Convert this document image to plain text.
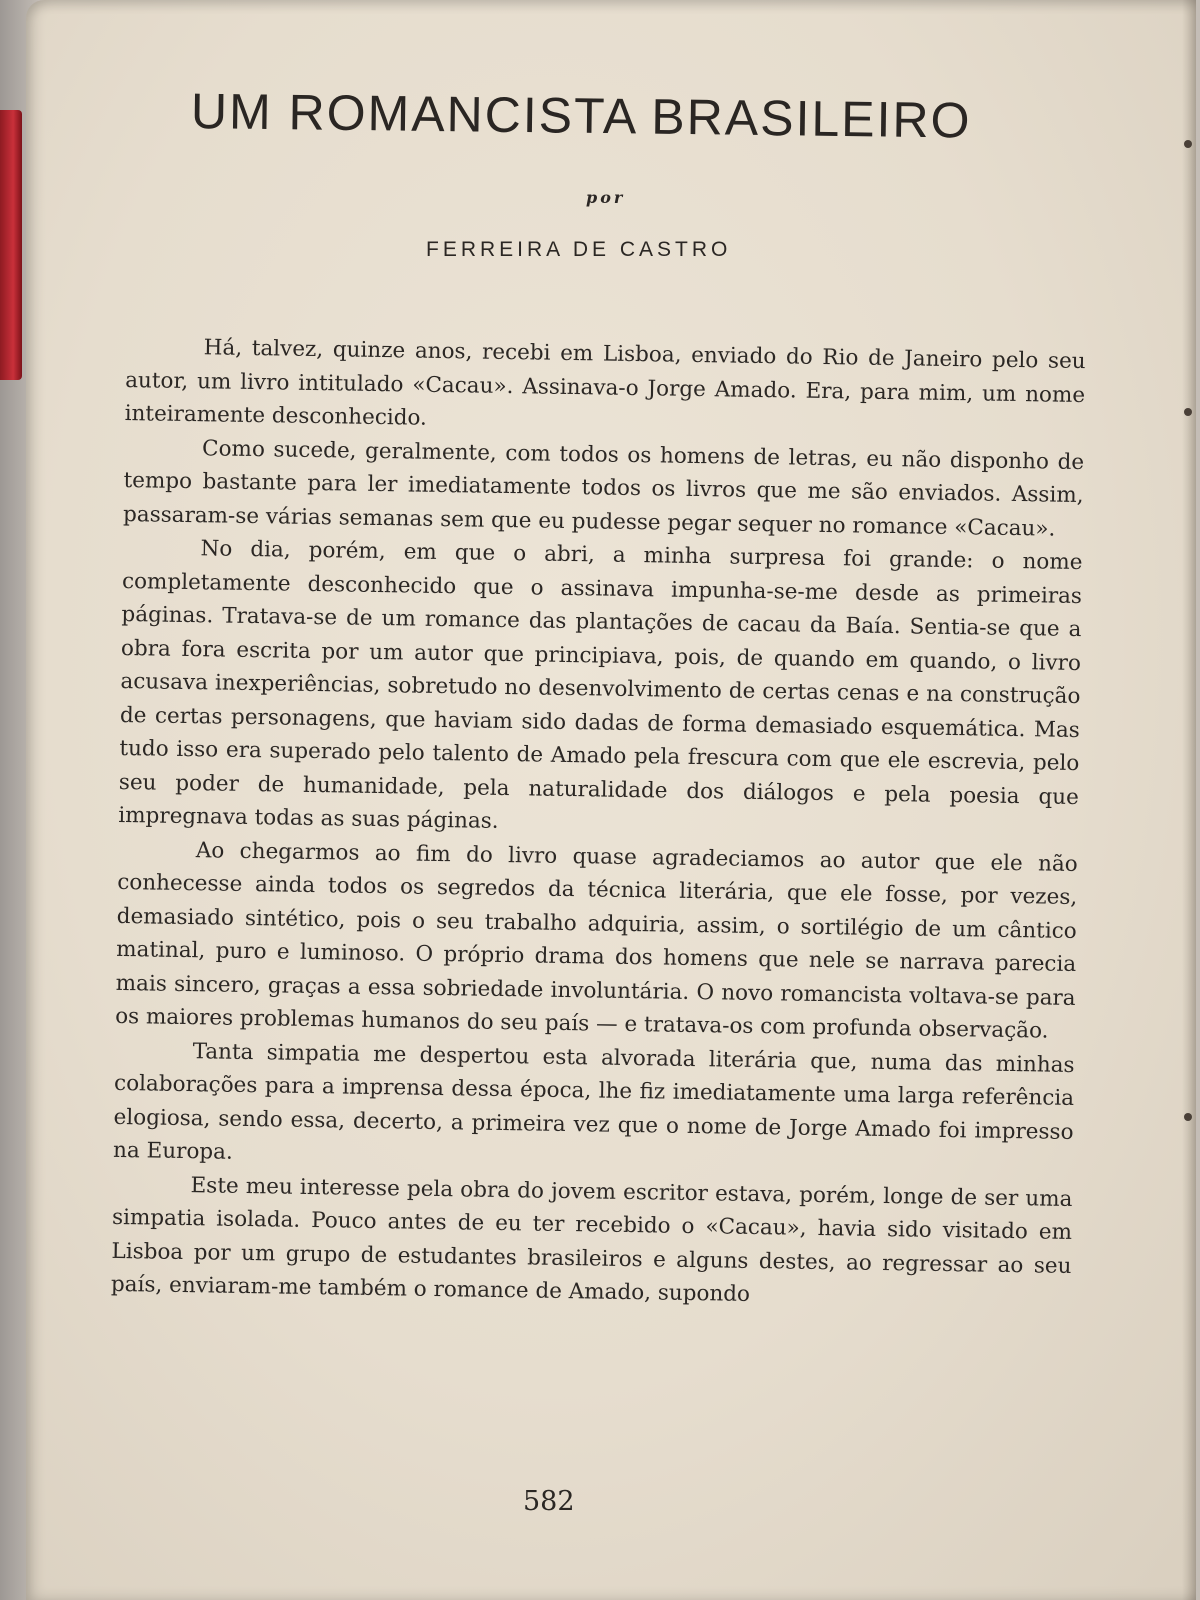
UM ROMANCISTA BRASILEIRO

por

FERREIRA DE CASTRO

Há, talvez, quinze anos, recebi em Lisboa, enviado do Rio de Janeiro pelo seu autor, um livro intitulado «Cacau». Assinava-o Jorge Amado. Era, para mim, um nome inteiramente desconhecido.

Como sucede, geralmente, com todos os homens de letras, eu não disponho de tempo bastante para ler imediatamente todos os livros que me são enviados. Assim, passaram-se várias semanas sem que eu pudesse pegar sequer no romance «Cacau».

No dia, porém, em que o abri, a minha surpresa foi grande: o nome completamente desconhecido que o assinava impunha-se-me desde as primeiras páginas. Tratava-se de um romance das plantações de cacau da Baía. Sentia-se que a obra fora escrita por um autor que principiava, pois, de quando em quando, o livro acusava inexperiências, sobretudo no desenvolvimento de certas cenas e na construção de certas personagens, que haviam sido dadas de forma demasiado esquemática. Mas tudo isso era superado pelo talento de Amado pela frescura com que ele escrevia, pelo seu poder de humanidade, pela naturalidade dos diálogos e pela poesia que impregnava todas as suas páginas.

Ao chegarmos ao fim do livro quase agradeciamos ao autor que ele não conhecesse ainda todos os segredos da técnica literária, que ele fosse, por vezes, demasiado sintético, pois o seu trabalho adquiria, assim, o sortilégio de um cântico matinal, puro e luminoso. O próprio drama dos homens que nele se narrava parecia mais sincero, graças a essa sobriedade involuntária. O novo romancista voltava-se para os maiores problemas humanos do seu país — e tratava-os com profunda observação.

Tanta simpatia me despertou esta alvorada literária que, numa das minhas colaborações para a imprensa dessa época, lhe fiz imediatamente uma larga referência elogiosa, sendo essa, decerto, a primeira vez que o nome de Jorge Amado foi impresso na Europa.

Este meu interesse pela obra do jovem escritor estava, porém, longe de ser uma simpatia isolada. Pouco antes de eu ter recebido o «Cacau», havia sido visitado em Lisboa por um grupo de estudantes brasileiros e alguns destes, ao regressar ao seu país, enviaram-me também o romance de Amado, supondo

582
